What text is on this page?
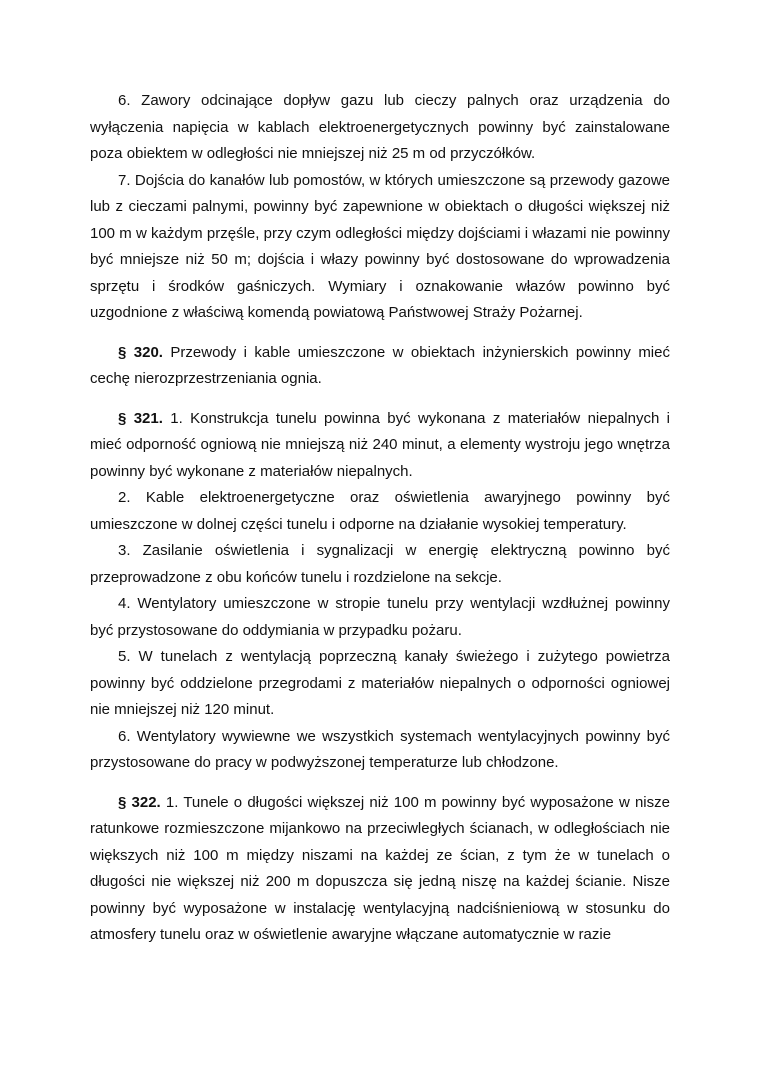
6. Zawory odcinające dopływ gazu lub cieczy palnych oraz urządzenia do wyłączenia napięcia w kablach elektroenergetycznych powinny być zainstalowane poza obiektem w odległości nie mniejszej niż 25 m od przyczółków.

7. Dojścia do kanałów lub pomostów, w których umieszczone są przewody gazowe lub z cieczami palnymi, powinny być zapewnione w obiektach o długości większej niż 100 m w każdym przęśle, przy czym odległości między dojściami i włazami nie powinny być mniejsze niż 50 m; dojścia i włazy powinny być dostosowane do wprowadzenia sprzętu i środków gaśniczych. Wymiary i oznakowanie włazów powinno być uzgodnione z właściwą komendą powiatową Państwowej Straży Pożarnej.

§ 320. Przewody i kable umieszczone w obiektach inżynierskich powinny mieć cechę nierozprzestrzeniania ognia.

§ 321. 1. Konstrukcja tunelu powinna być wykonana z materiałów niepalnych i mieć odporność ogniową nie mniejszą niż 240 minut, a elementy wystroju jego wnętrza powinny być wykonane z materiałów niepalnych.

2. Kable elektroenergetyczne oraz oświetlenia awaryjnego powinny być umieszczone w dolnej części tunelu i odporne na działanie wysokiej temperatury.

3. Zasilanie oświetlenia i sygnalizacji w energię elektryczną powinno być przeprowadzone z obu końców tunelu i rozdzielone na sekcje.

4. Wentylatory umieszczone w stropie tunelu przy wentylacji wzdłużnej powinny być przystosowane do oddymiania w przypadku pożaru.

5. W tunelach z wentylacją poprzeczną kanały świeżego i zużytego powietrza powinny być oddzielone przegrodami z materiałów niepalnych o odporności ogniowej nie mniejszej niż 120 minut.

6. Wentylatory wywiewne we wszystkich systemach wentylacyjnych powinny być przystosowane do pracy w podwyższonej temperaturze lub chłodzone.

§ 322. 1. Tunele o długości większej niż 100 m powinny być wyposażone w nisze ratunkowe rozmieszczone mijankowo na przeciwległych ścianach, w odległościach nie większych niż 100 m między niszami na każdej ze ścian, z tym że w tunelach o długości nie większej niż 200 m dopuszcza się jedną niszę na każdej ścianie. Nisze powinny być wyposażone w instalację wentylacyjną nadciśnieniową w stosunku do atmosfery tunelu oraz w oświetlenie awaryjne włączane automatycznie w razie
